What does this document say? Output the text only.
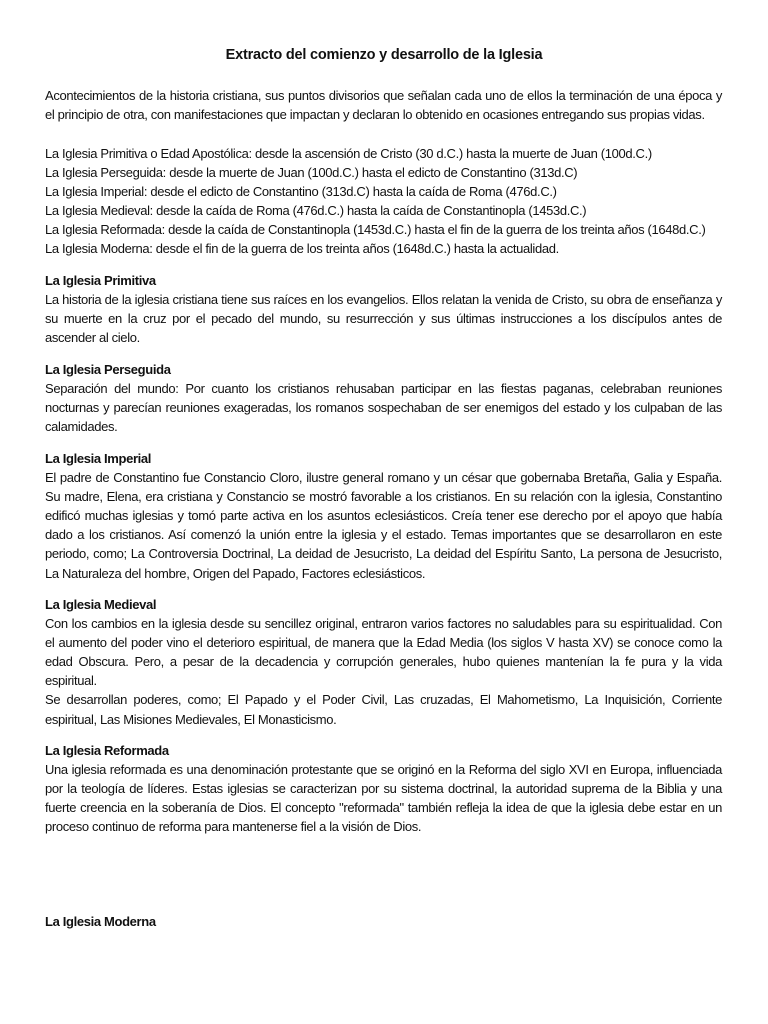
Extracto del comienzo y desarrollo de la Iglesia
Acontecimientos de la historia cristiana, sus puntos divisorios que señalan cada uno de ellos la terminación de una época y el principio de otra, con manifestaciones que impactan y declaran lo obtenido en ocasiones entregando sus propias vidas.
La Iglesia Primitiva o Edad Apostólica: desde la ascensión de Cristo (30 d.C.) hasta la muerte de Juan (100d.C.)
La Iglesia Perseguida: desde la muerte de Juan (100d.C.) hasta el edicto de Constantino (313d.C)
La Iglesia Imperial: desde el edicto de Constantino (313d.C) hasta la caída de Roma (476d.C.)
La Iglesia Medieval: desde la caída de Roma (476d.C.) hasta la caída de Constantinopla (1453d.C.)
La Iglesia Reformada: desde la caída de Constantinopla (1453d.C.) hasta el fin de la guerra de los treinta años (1648d.C.)
La Iglesia Moderna: desde el fin de la guerra de los treinta años (1648d.C.) hasta la actualidad.
La Iglesia Primitiva
La historia de la iglesia cristiana tiene sus raíces en los evangelios. Ellos relatan la venida de Cristo, su obra de enseñanza y su muerte en la cruz por el pecado del mundo, su resurrección y sus últimas instrucciones a los discípulos antes de ascender al cielo.
La Iglesia Perseguida
Separación del mundo: Por cuanto los cristianos rehusaban participar en las fiestas paganas, celebraban reuniones nocturnas y parecían reuniones exageradas, los romanos sospechaban de ser enemigos del estado y los culpaban de las calamidades.
La Iglesia Imperial
El padre de Constantino fue Constancio Cloro, ilustre general romano y un césar que gobernaba Bretaña, Galia y España. Su madre, Elena, era cristiana y Constancio se mostró favorable a los cristianos. En su relación con la iglesia, Constantino edificó muchas iglesias y tomó parte activa en los asuntos eclesiásticos. Creía tener ese derecho por el apoyo que había dado a los cristianos. Así comenzó la unión entre la iglesia y el estado. Temas importantes que se desarrollaron en este periodo, como; La Controversia Doctrinal, La deidad de Jesucristo, La deidad del Espíritu Santo, La persona de Jesucristo, La Naturaleza del hombre, Origen del Papado, Factores eclesiásticos.
La Iglesia Medieval
Con los cambios en la iglesia desde su sencillez original, entraron varios factores no saludables para su espiritualidad. Con el aumento del poder vino el deterioro espiritual, de manera que la Edad Media (los siglos V hasta XV) se conoce como la edad Obscura. Pero, a pesar de la decadencia y corrupción generales, hubo quienes mantenían la fe pura y la vida espiritual.
Se desarrollan poderes, como; El Papado y el Poder Civil, Las cruzadas, El Mahometismo, La Inquisición, Corriente espiritual, Las Misiones Medievales, El Monasticismo.
La Iglesia Reformada
Una iglesia reformada es una denominación protestante que se originó en la Reforma del siglo XVI en Europa, influenciada por la teología de líderes. Estas iglesias se caracterizan por su sistema doctrinal, la autoridad suprema de la Biblia y una fuerte creencia en la soberanía de Dios. El concepto "reformada" también refleja la idea de que la iglesia debe estar en un proceso continuo de reforma para mantenerse fiel a la visión de Dios.
La Iglesia Moderna
